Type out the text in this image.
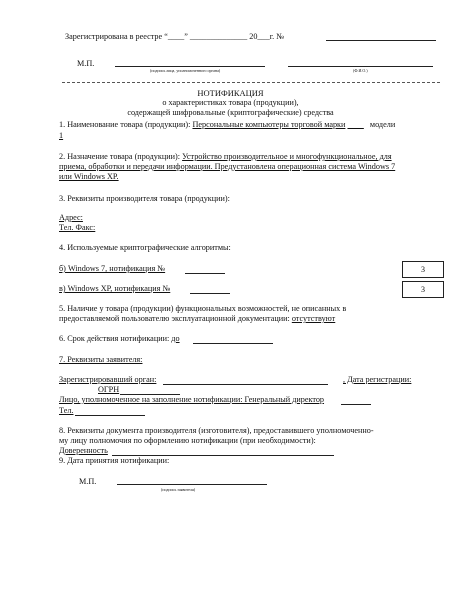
Зарегистрирована в реестре “____” ______________ 20___г. №
М.П.
(подпись лица, уполномоченного органа)	(Ф.И.О.)
НОТИФИКАЦИЯ
о характеристиках товара (продукции),
содержащей шифровальные (криптографические) средства
1. Наименование товара (продукции): Персональные компьютеры торговой марки	модели
1
2. Назначение товара (продукции): Устройство производительное и многофункциональное, для
приема, обработки и передачи информации. Предустановлена операционная система Windows 7
или Windows XP.
3. Реквизиты производителя товара (продукции):
Адрес:
Тел. Факс:
4. Используемые криптографические алгоритмы:
б) Windows 7, нотификация №	3
в) Windows XP, нотификация №	3
5. Наличие у товара (продукции) функциональных возможностей, не описанных в
предоставляемой пользователю эксплуатационной документации: отсутствуют
6. Срок действия нотификации: до
7. Реквизиты заявителя:
Зарегистрировавший орган:	, Дата регистрации:
ОГРН
Лицо, уполномоченное на заполнение нотификации: Генеральный директор
Тел.
8. Реквизиты документа производителя (изготовителя), предоставившего уполномоченно-
му лицу полномочия по оформлению нотификации (при необходимости):
Доверенность
9. Дата принятия нотификации:
М.П.
(подпись заявителя)
